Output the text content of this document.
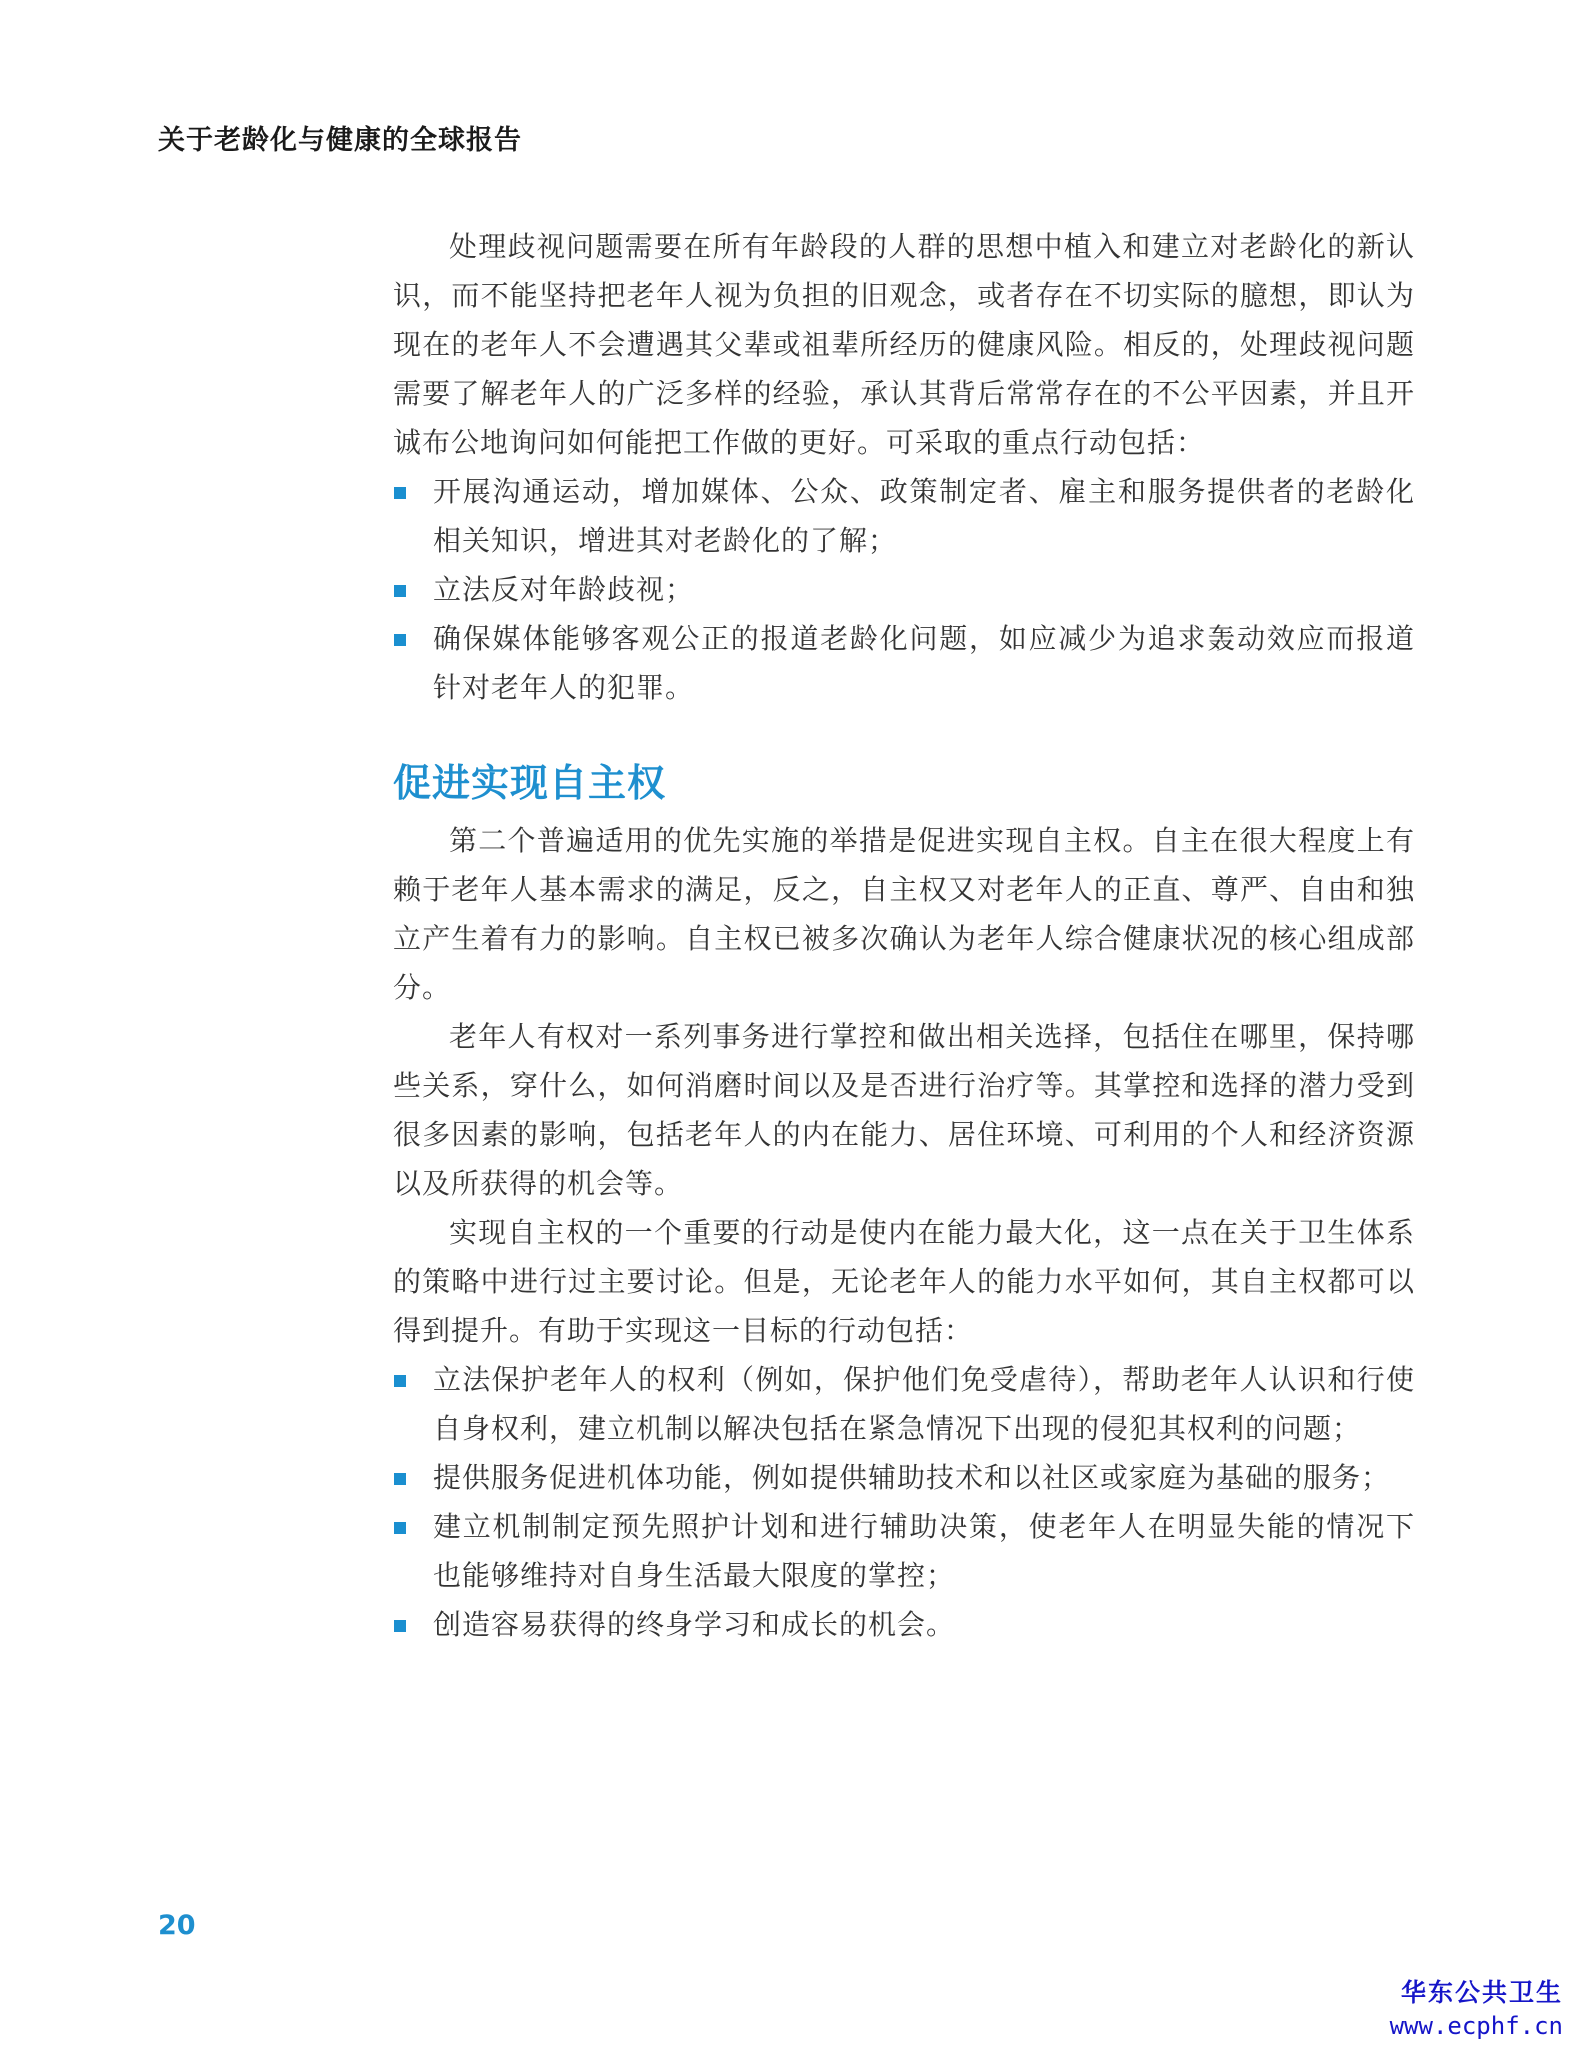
关于老龄化与健康的全球报告

处理歧视问题需要在所有年龄段的人群的思想中植入和建立对老龄化的新认识，而不能坚持把老年人视为负担的旧观念，或者存在不切实际的臆想，即认为现在的老年人不会遭遇其父辈或祖辈所经历的健康风险。相反的，处理歧视问题需要了解老年人的广泛多样的经验，承认其背后常常存在的不公平因素，并且开诚布公地询问如何能把工作做的更好。可采取的重点行动包括：

开展沟通运动，增加媒体、公众、政策制定者、雇主和服务提供者的老龄化相关知识，增进其对老龄化的了解；
立法反对年龄歧视；
确保媒体能够客观公正的报道老龄化问题，如应减少为追求轰动效应而报道针对老年人的犯罪。
促进实现自主权

第二个普遍适用的优先实施的举措是促进实现自主权。自主在很大程度上有赖于老年人基本需求的满足，反之，自主权又对老年人的正直、尊严、自由和独立产生着有力的影响。自主权已被多次确认为老年人综合健康状况的核心组成部分。

老年人有权对一系列事务进行掌控和做出相关选择，包括住在哪里，保持哪些关系，穿什么，如何消磨时间以及是否进行治疗等。其掌控和选择的潜力受到很多因素的影响，包括老年人的内在能力、居住环境、可利用的个人和经济资源以及所获得的机会等。

实现自主权的一个重要的行动是使内在能力最大化，这一点在关于卫生体系的策略中进行过主要讨论。但是，无论老年人的能力水平如何，其自主权都可以得到提升。有助于实现这一目标的行动包括：

立法保护老年人的权利（例如，保护他们免受虐待），帮助老年人认识和行使自身权利，建立机制以解决包括在紧急情况下出现的侵犯其权利的问题；
提供服务促进机体功能，例如提供辅助技术和以社区或家庭为基础的服务；
建立机制制定预先照护计划和进行辅助决策，使老年人在明显失能的情况下也能够维持对自身生活最大限度的掌控；
创造容易获得的终身学习和成长的机会。
20
华东公共卫生
www.ecphf.cn
